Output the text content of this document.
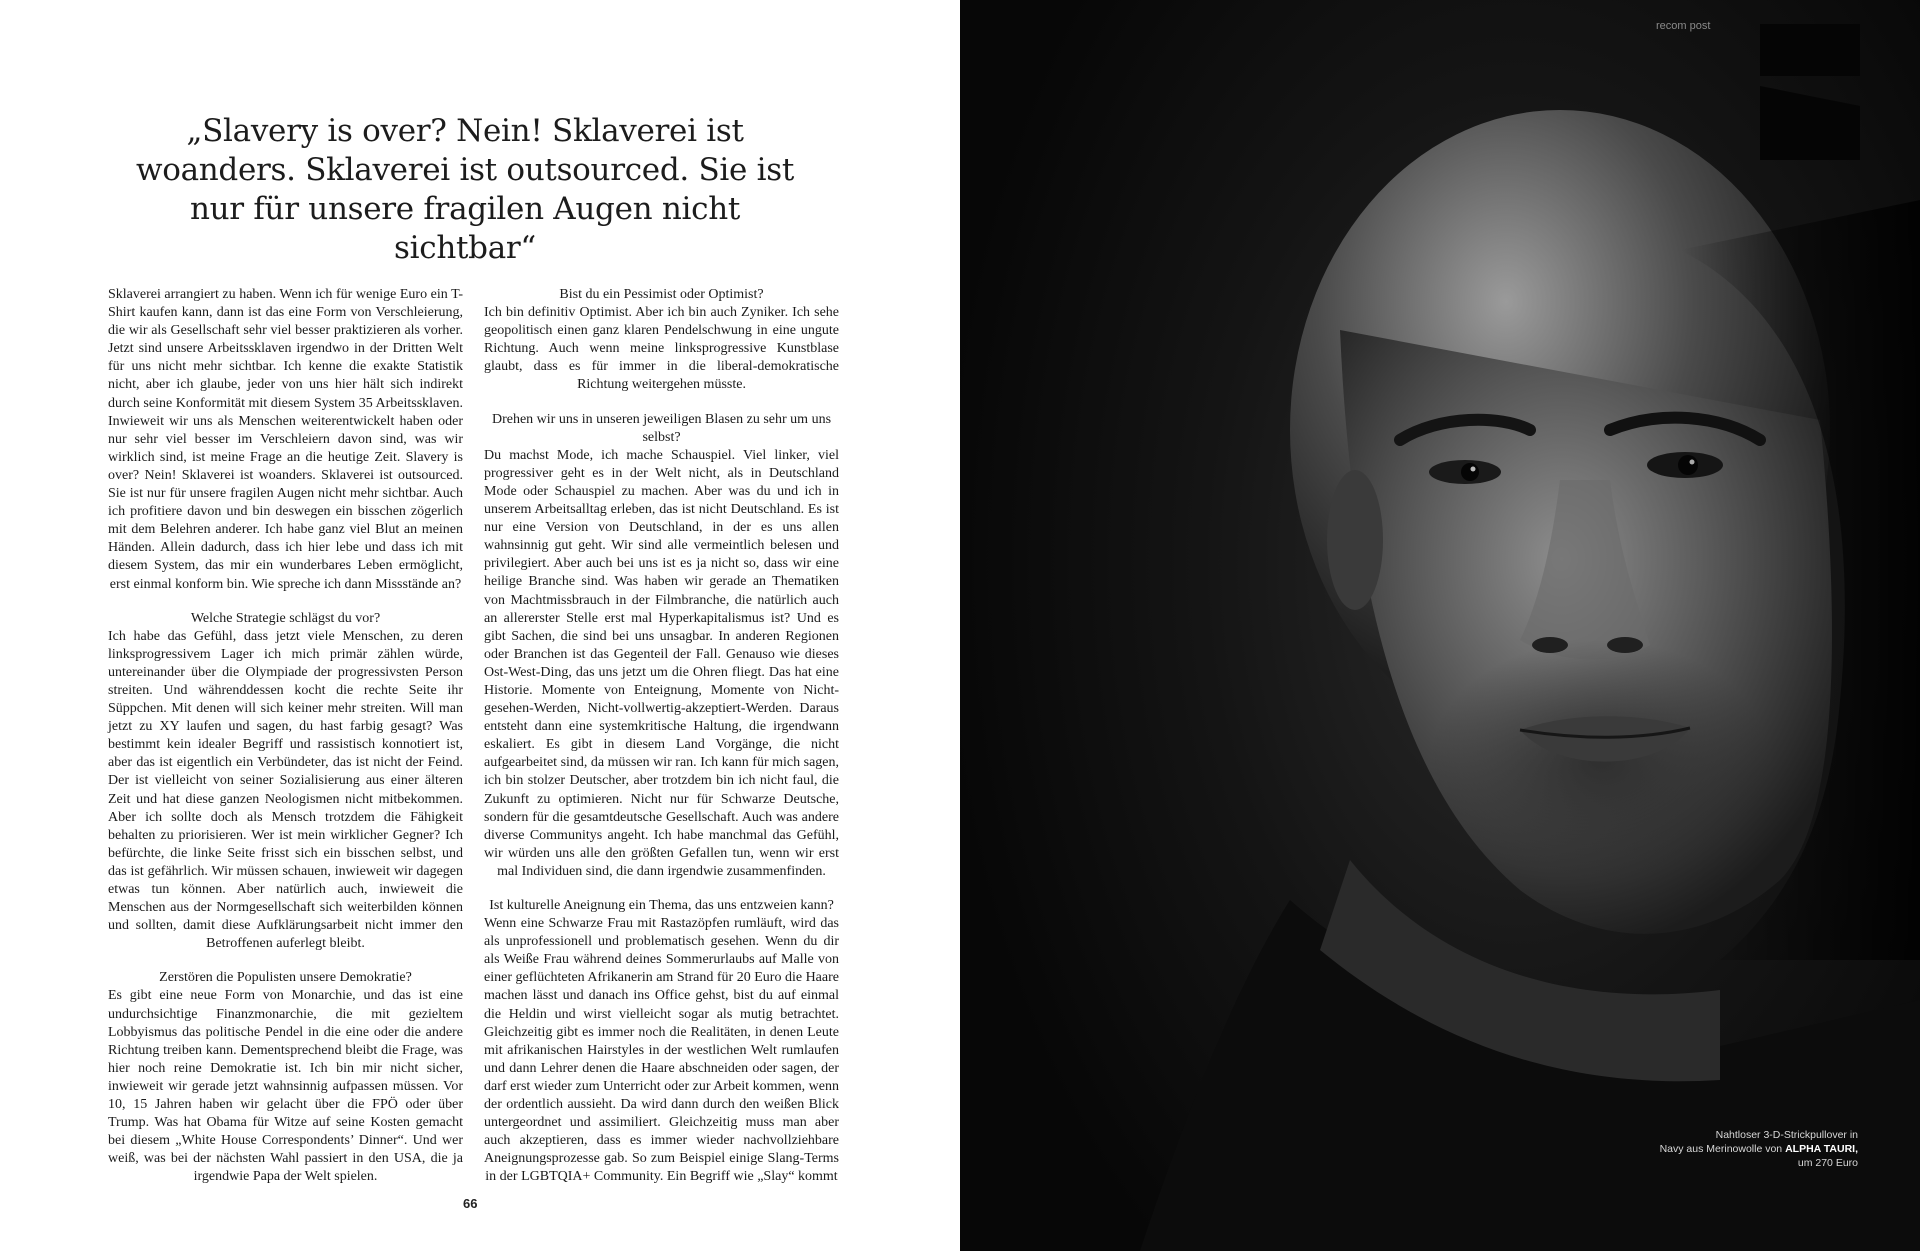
„Slavery is over? Nein! Sklaverei ist woanders. Sklaverei ist outsourced. Sie ist nur für unsere fragilen Augen nicht sichtbar“

Sklaverei arrangiert zu haben. Wenn ich für wenige Euro ein T-Shirt kaufen kann, dann ist das eine Form von Verschleierung, die wir als Gesellschaft sehr viel besser praktizieren als vorher. Jetzt sind unsere Arbeitssklaven irgendwo in der Dritten Welt für uns nicht mehr sichtbar. Ich kenne die exakte Statistik nicht, aber ich glaube, jeder von uns hier hält sich indirekt durch seine Konformität mit diesem System 35 Arbeitssklaven. Inwieweit wir uns als Menschen weiterentwickelt haben oder nur sehr viel besser im Verschleiern davon sind, was wir wirklich sind, ist meine Frage an die heutige Zeit. Slavery is over? Nein! Sklaverei ist woanders. Sklaverei ist outsourced. Sie ist nur für unsere fragilen Augen nicht mehr sichtbar. Auch ich profitiere davon und bin deswegen ein bisschen zögerlich mit dem Belehren anderer. Ich habe ganz viel Blut an meinen Händen. Allein dadurch, dass ich hier lebe und dass ich mit diesem System, das mir ein wunderbares Leben ermöglicht, erst einmal konform bin. Wie spreche ich dann Missstände an?

Welche Strategie schlägst du vor?

Ich habe das Gefühl, dass jetzt viele Menschen, zu deren linksprogressivem Lager ich mich primär zählen würde, untereinander über die Olympiade der progressivsten Person streiten. Und währenddessen kocht die rechte Seite ihr Süppchen. Mit denen will sich keiner mehr streiten. Will man jetzt zu XY laufen und sagen, du hast farbig gesagt? Was bestimmt kein idealer Begriff und rassistisch konnotiert ist, aber das ist eigentlich ein Verbündeter, das ist nicht der Feind. Der ist vielleicht von seiner Sozialisierung aus einer älteren Zeit und hat diese ganzen Neologismen nicht mitbekommen. Aber ich sollte doch als Mensch trotzdem die Fähigkeit behalten zu priorisieren. Wer ist mein wirklicher Gegner? Ich befürchte, die linke Seite frisst sich ein bisschen selbst, und das ist gefährlich. Wir müssen schauen, inwieweit wir dagegen etwas tun können. Aber natürlich auch, inwieweit die Menschen aus der Normgesellschaft sich weiterbilden können und sollten, damit diese Aufklärungsarbeit nicht immer den Betroffenen auferlegt bleibt.

Zerstören die Populisten unsere Demokratie?

Es gibt eine neue Form von Monarchie, und das ist eine undurchsichtige Finanzmonarchie, die mit gezieltem Lobbyismus das politische Pendel in die eine oder die andere Richtung treiben kann. Dementsprechend bleibt die Frage, was hier noch reine Demokratie ist. Ich bin mir nicht sicher, inwieweit wir gerade jetzt wahnsinnig aufpassen müssen. Vor 10, 15 Jahren haben wir gelacht über die FPÖ oder über Trump. Was hat Obama für Witze auf seine Kosten gemacht bei diesem „White House Correspondents’ Dinner“. Und wer weiß, was bei der nächsten Wahl passiert in den USA, die ja irgendwie Papa der Welt spielen.

Bist du ein Pessimist oder Optimist?

Ich bin definitiv Optimist. Aber ich bin auch Zyniker. Ich sehe geopolitisch einen ganz klaren Pendelschwung in eine ungute Richtung. Auch wenn meine linksprogressive Kunstblase glaubt, dass es für immer in die liberal-demokratische Richtung weitergehen müsste.

Drehen wir uns in unseren jeweiligen Blasen zu sehr um uns selbst?

Du machst Mode, ich mache Schauspiel. Viel linker, viel progressiver geht es in der Welt nicht, als in Deutschland Mode oder Schauspiel zu machen. Aber was du und ich in unserem Arbeitsalltag erleben, das ist nicht Deutschland. Es ist nur eine Version von Deutschland, in der es uns allen wahnsinnig gut geht. Wir sind alle vermeintlich belesen und privilegiert. Aber auch bei uns ist es ja nicht so, dass wir eine heilige Branche sind. Was haben wir gerade an Thematiken von Machtmissbrauch in der Filmbranche, die natürlich auch an allererster Stelle erst mal Hyperkapitalismus ist? Und es gibt Sachen, die sind bei uns unsagbar. In anderen Regionen oder Branchen ist das Gegenteil der Fall. Genauso wie dieses Ost-West-Ding, das uns jetzt um die Ohren fliegt. Das hat eine Historie. Momente von Enteignung, Momente von Nicht-gesehen-Werden, Nicht-vollwertig-akzeptiert-Werden. Daraus entsteht dann eine systemkritische Haltung, die irgendwann eskaliert. Es gibt in diesem Land Vorgänge, die nicht aufgearbeitet sind, da müssen wir ran. Ich kann für mich sagen, ich bin stolzer Deutscher, aber trotzdem bin ich nicht faul, die Zukunft zu optimieren. Nicht nur für Schwarze Deutsche, sondern für die gesamtdeutsche Gesellschaft. Auch was andere diverse Communitys angeht. Ich habe manchmal das Gefühl, wir würden uns alle den größten Gefallen tun, wenn wir erst mal Individuen sind, die dann irgendwie zusammenfinden.

Ist kulturelle Aneignung ein Thema, das uns entzweien kann?

Wenn eine Schwarze Frau mit Rastazöpfen rumläuft, wird das als unprofessionell und problematisch gesehen. Wenn du dir als Weiße Frau während deines Sommerurlaubs auf Malle von einer geflüchteten Afrikanerin am Strand für 20 Euro die Haare machen lässt und danach ins Office gehst, bist du auf einmal die Heldin und wirst vielleicht sogar als mutig betrachtet. Gleichzeitig gibt es immer noch die Realitäten, in denen Leute mit afrikanischen Hairstyles in der westlichen Welt rumlaufen und dann Lehrer denen die Haare abschneiden oder sagen, der darf erst wieder zum Unterricht oder zur Arbeit kommen, wenn der ordentlich aussieht. Da wird dann durch den weißen Blick untergeordnet und assimiliert. Gleichzeitig muss man aber auch akzeptieren, dass es immer wieder nachvollziehbare Aneignungsprozesse gab. So zum Beispiel einige Slang-Terms in der LGBTQIA+ Community. Ein Begriff wie „Slay“ kommt

66
recom post
Nahtloser 3-D-Strickpullover in
Navy aus Merinowolle von ALPHA TAURI,
um 270 Euro
